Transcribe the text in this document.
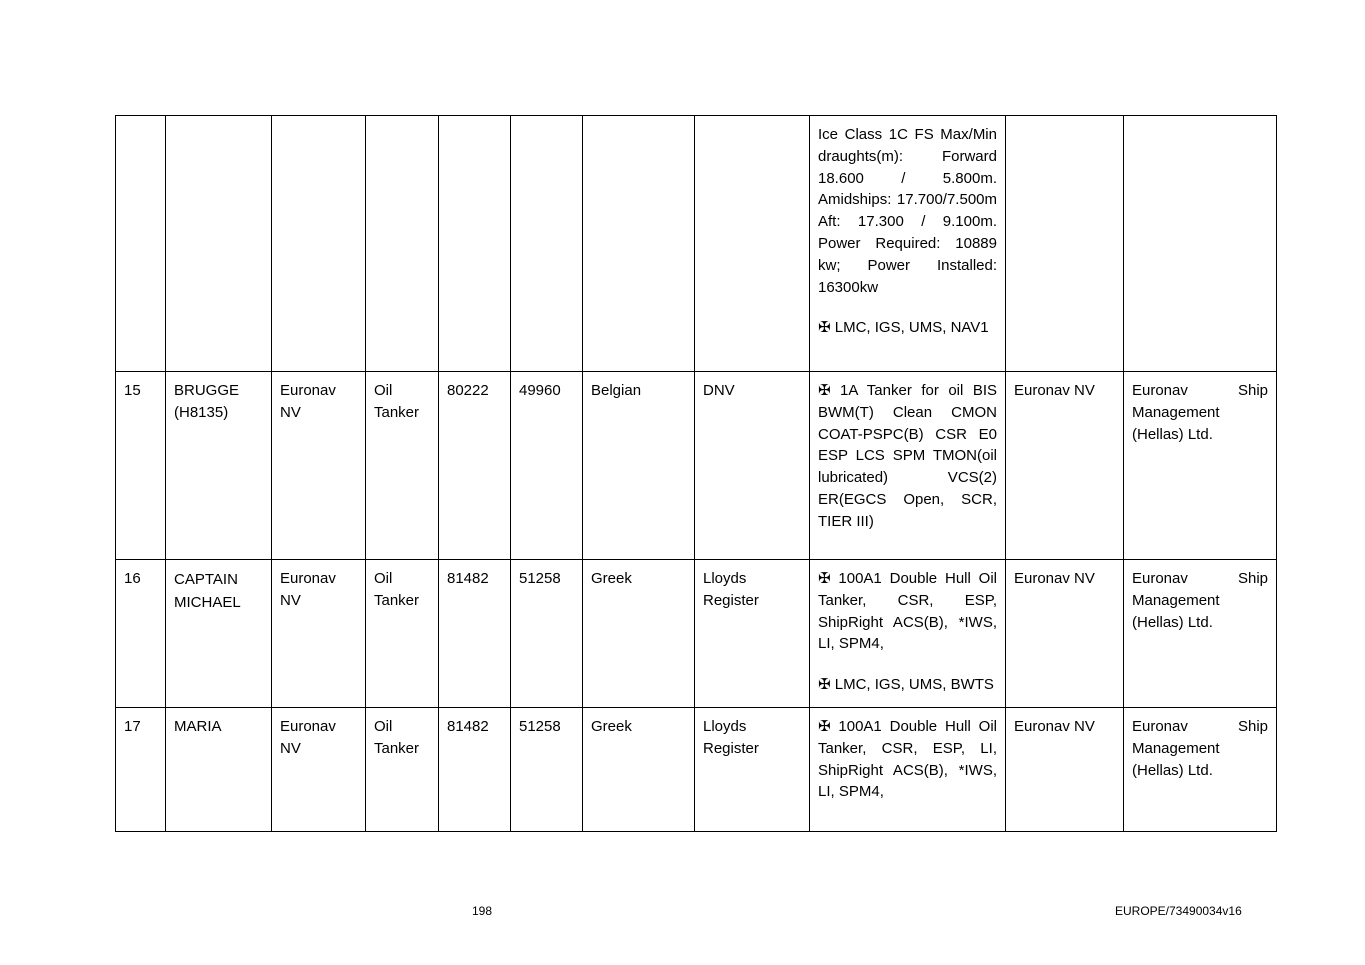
								Ice Class 1C FS Max/Min draughts(m): Forward 18.600 / 5.800m. Amidships: 17.700/7.500m Aft: 17.300 / 9.100m. Power Required: 10889 kw; Power Installed: 16300kw

✠ LMC, IGS, UMS, NAV1		

15	BRUGGE (H8135)	Euronav NV	Oil Tanker	80222	49960	Belgian	DNV	✠ 1A Tanker for oil BIS BWM(T) Clean CMON COAT-PSPC(B) CSR E0 ESP LCS SPM TMON(oil lubricated) VCS(2) ER(EGCS Open, SCR, TIER III)	Euronav NV	Euronav Ship Management (Hellas) Ltd.
16	CAPTAIN MICHAEL	Euronav NV	Oil Tanker	81482	51258	Greek	Lloyds Register	✠ 100A1 Double Hull Oil Tanker, CSR, ESP, ShipRight ACS(B), *IWS, LI, SPM4,

✠ LMC, IGS, UMS, BWTS	Euronav NV	Euronav Ship Management (Hellas) Ltd.
17	MARIA	Euronav NV	Oil Tanker	81482	51258	Greek	Lloyds Register	✠ 100A1 Double Hull Oil Tanker, CSR, ESP, LI, ShipRight ACS(B), *IWS, LI, SPM4,	Euronav NV	Euronav Ship Management (Hellas) Ltd.
198	EUROPE/73490034v16
